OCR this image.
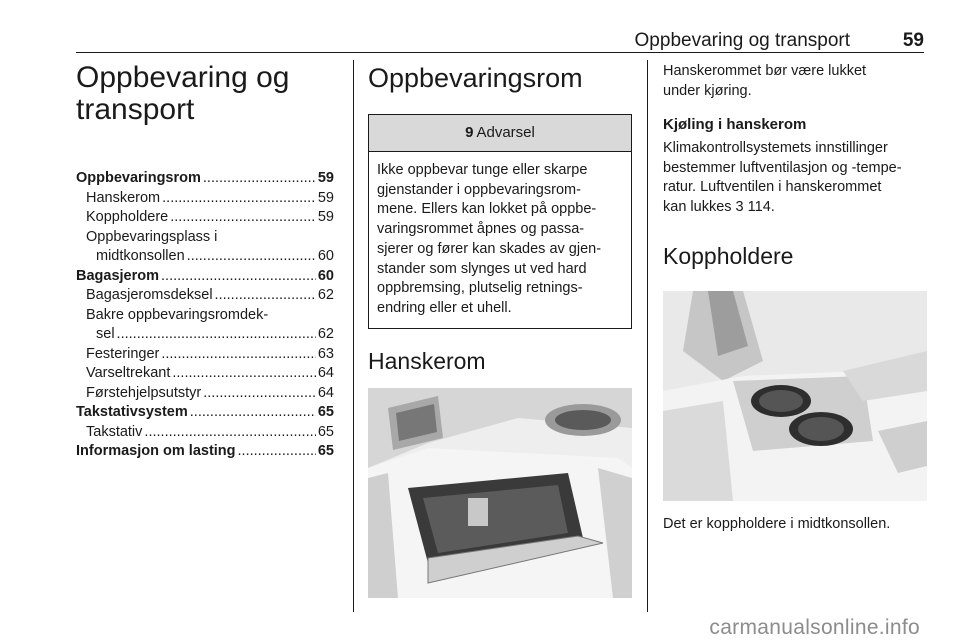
Oppbevaring og transport	59
Oppbevaring og
transport
Oppbevaringsrom .....	59
Hanskerom .....	59
Koppholdere .....	59
Oppbevaringsplass i
midtkonsollen .....	60
Bagasjerom .....	60
Bagasjeromsdeksel .....	62
Bakre oppbevaringsromdek-
sel .....	62
Festeringer .....	63
Varseltrekant .....	64
Førstehjelpsutstyr .....	64
Takstativsystem .....	65
Takstativ .....	65
Informasjon om lasting .....	65
Oppbevaringsrom
9 Advarsel
Ikke oppbevar tunge eller skarpe
gjenstander i oppbevaringsrom-
mene. Ellers kan lokket på oppbe-
varingsrommet åpnes og passa-
sjerer og fører kan skades av gjen-
stander som slynges ut ved hard
oppbremsing, plutselig retnings-
endring eller et uhell.
Hanskerom
Hanskerommet bør være lukket
under kjøring.
Kjøling i hanskerom
Klimakontrollsystemets innstillinger
bestemmer luftventilasjon og -tempe-
ratur. Luftventilen i hanskerommet
kan lukkes 3 114.
Koppholdere
Det er koppholdere i midtkonsollen.
carmanualsonline.info
